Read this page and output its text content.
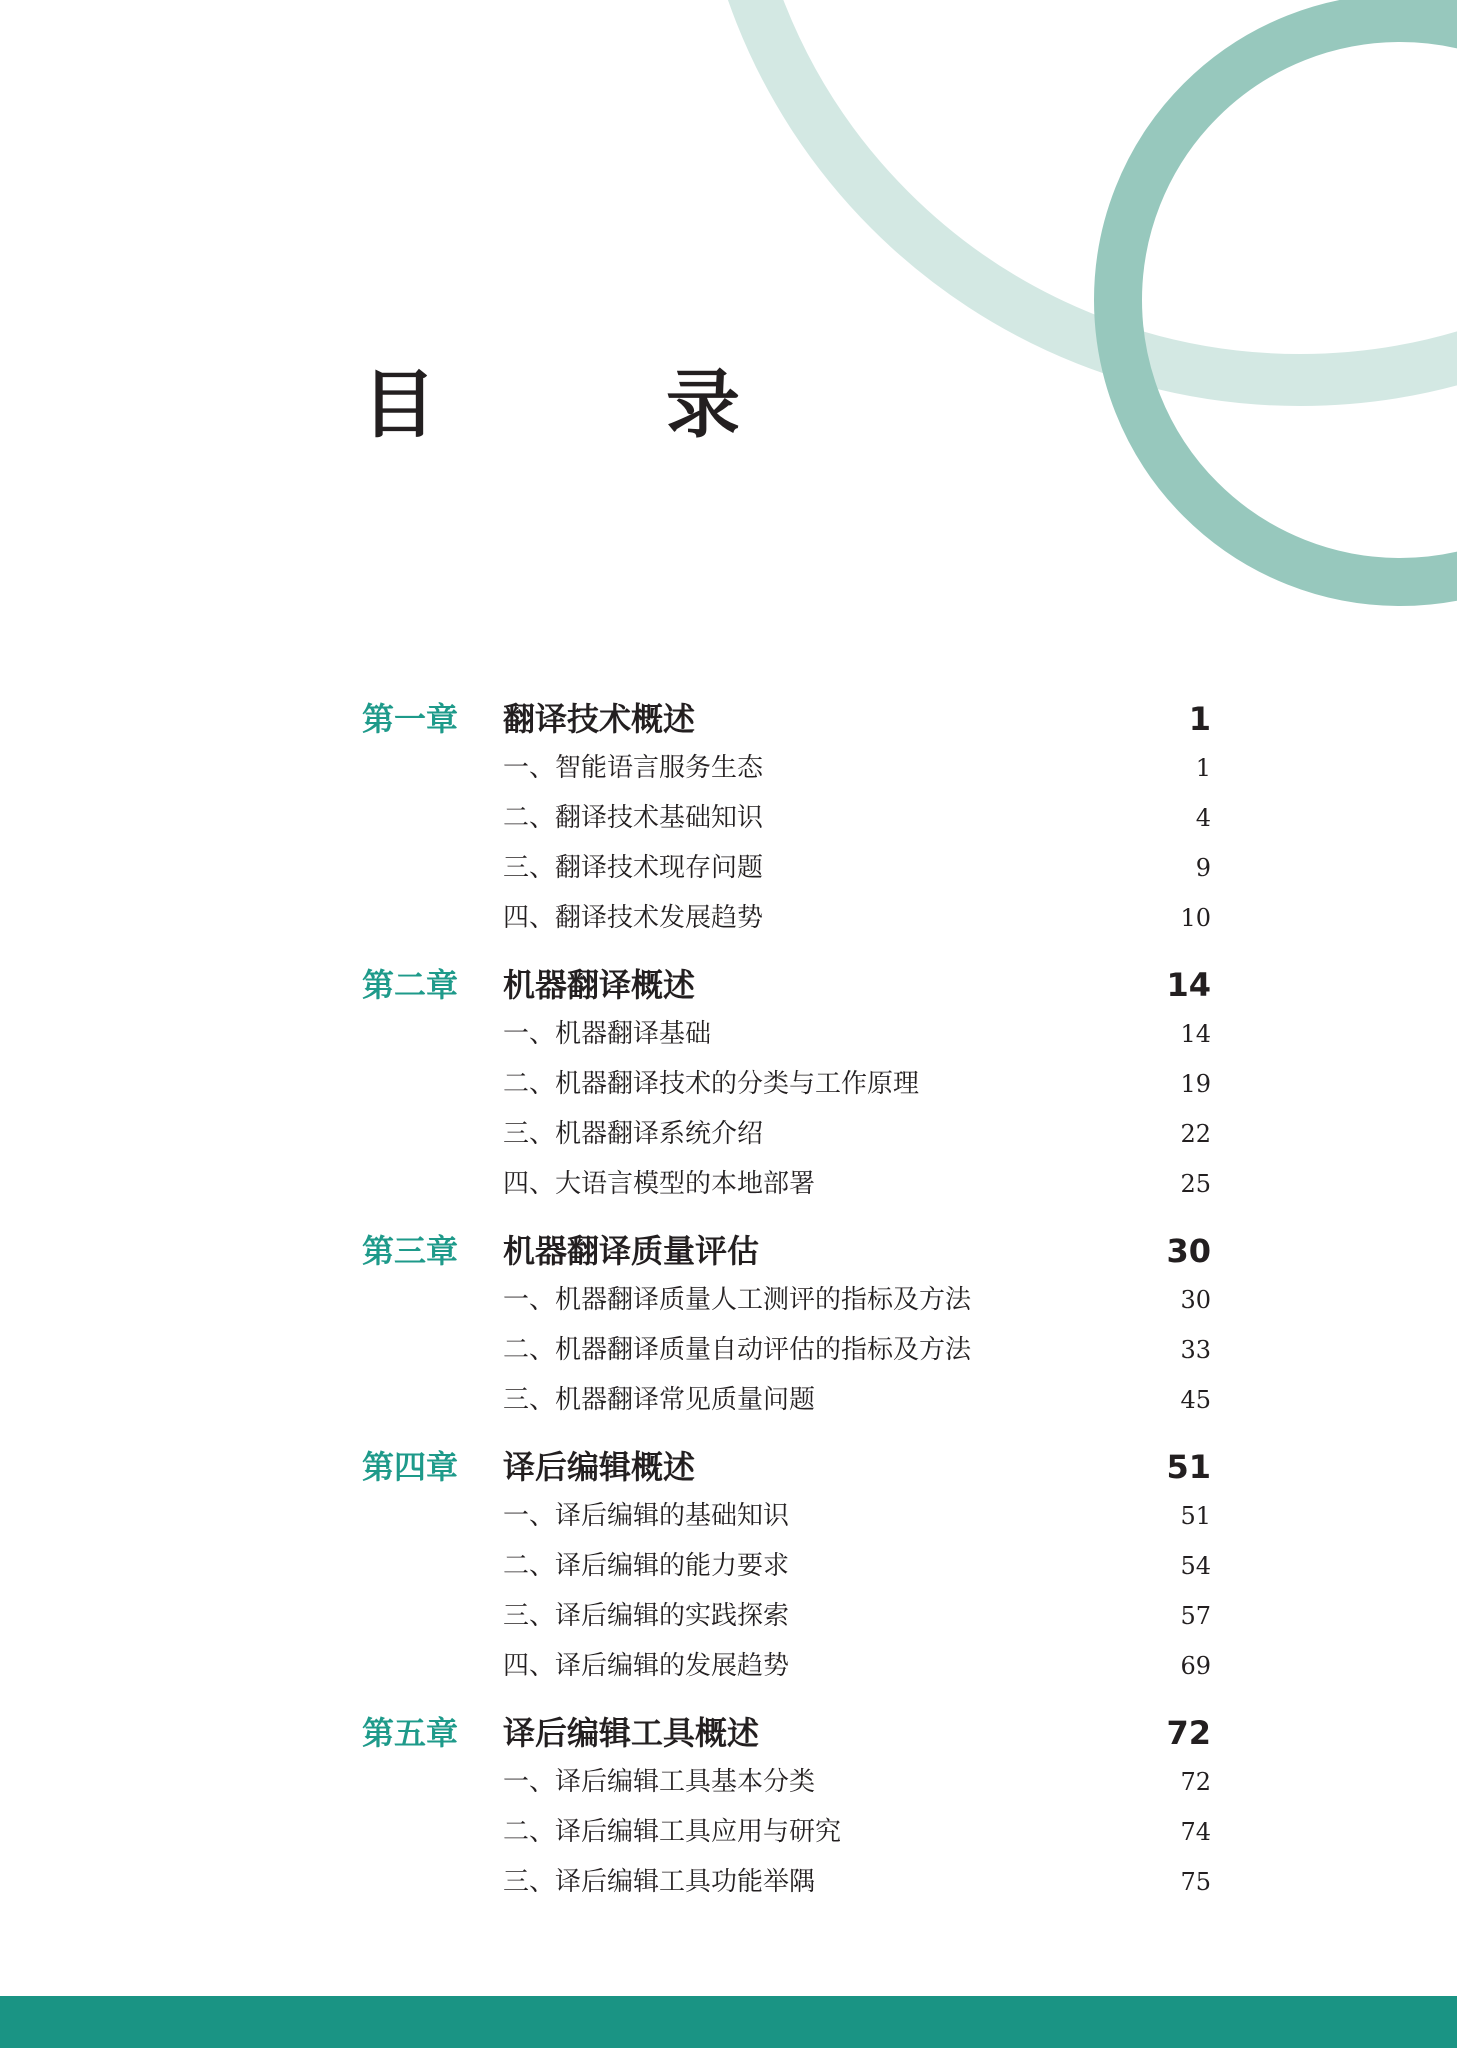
目　录
第一章 翻译技术概述	1
一、智能语言服务生态	1
二、翻译技术基础知识	4
三、翻译技术现存问题	9
四、翻译技术发展趋势	10
第二章 机器翻译概述	14
一、机器翻译基础	14
二、机器翻译技术的分类与工作原理	19
三、机器翻译系统介绍	22
四、大语言模型的本地部署	25
第三章 机器翻译质量评估	30
一、机器翻译质量人工测评的指标及方法	30
二、机器翻译质量自动评估的指标及方法	33
三、机器翻译常见质量问题	45
第四章 译后编辑概述	51
一、译后编辑的基础知识	51
二、译后编辑的能力要求	54
三、译后编辑的实践探索	57
四、译后编辑的发展趋势	69
第五章 译后编辑工具概述	72
一、译后编辑工具基本分类	72
二、译后编辑工具应用与研究	74
三、译后编辑工具功能举隅	75
